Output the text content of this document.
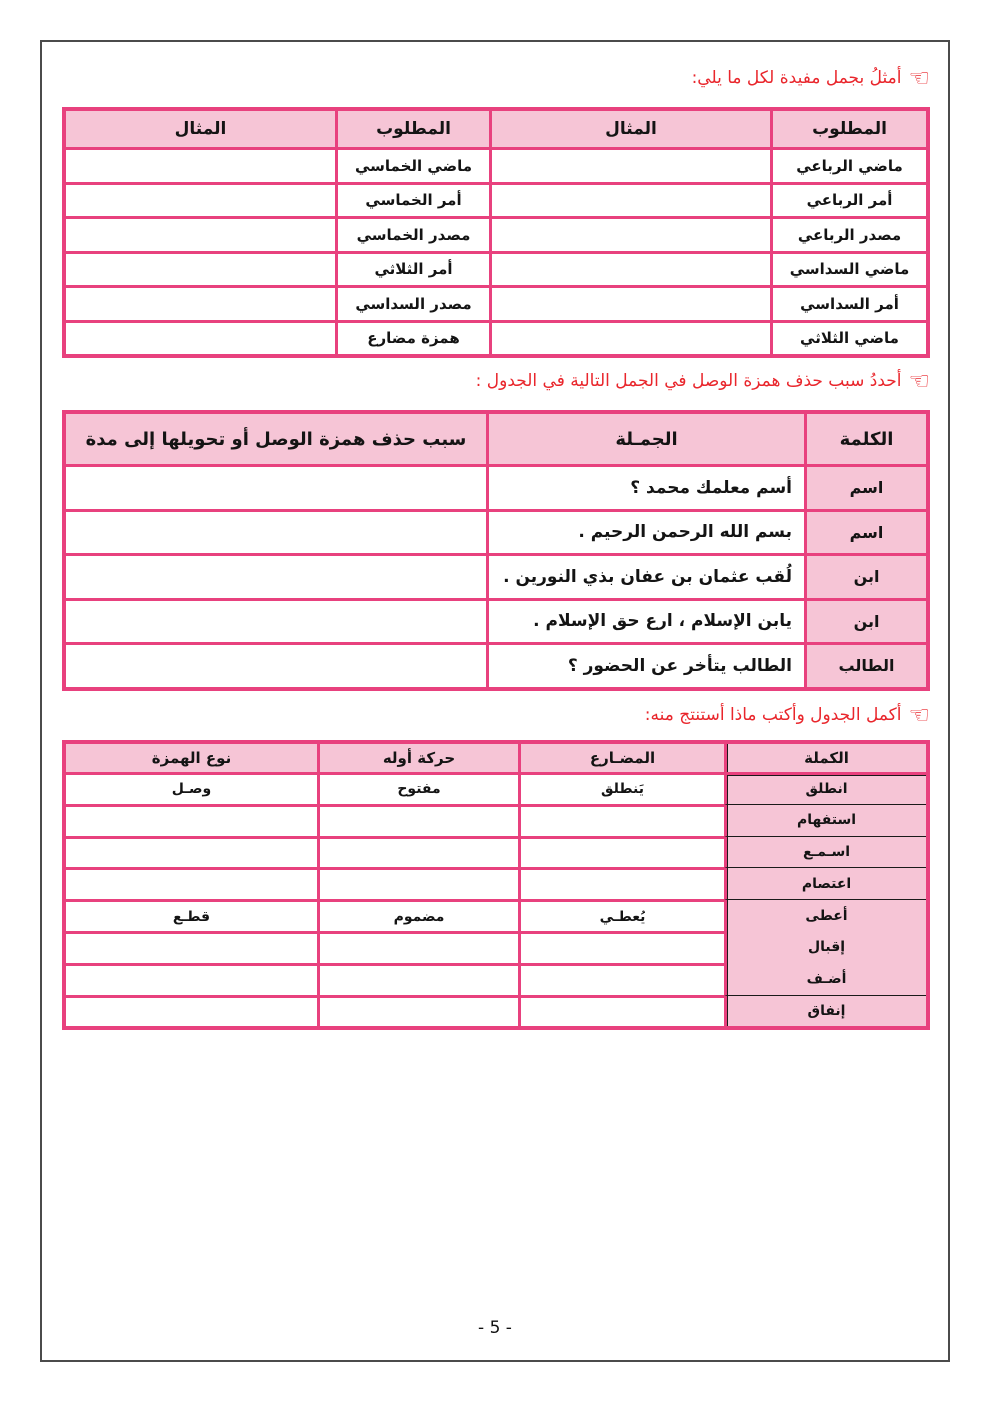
☜
أمثلُ بجمل مفيدة لكل ما يلي:
المطلوب
المثال
المطلوب
المثال
ماضي الرباعي
ماضي الخماسي
أمر الرباعي
أمر الخماسي
مصدر الرباعي
مصدر الخماسي
ماضي السداسي
أمر الثلاثي
أمر السداسي
مصدر السداسي
ماضي الثلاثي
همزة مضارع
☜
أحددُ سبب حذف همزة الوصل في الجمل التالية في الجدول :
الكلمة
الجمـلة
سبب حذف همزة الوصل أو تحويلها إلى مدة
اسم
أسم معلمك محمد ؟
اسم
بسم الله الرحمن الرحيم .
ابن
لُقب عثمان بن عفان بذي النورين .
ابن
يابن الإسلام ، ارع حق الإسلام .
الطالب
الطالب يتأخر عن الحضور ؟
☜
أكمل الجدول وأكتب ماذا أستنتج منه:
الكملة
المضـارع
حركة أوله
نوع الهمزة
انطلق
يَنطلق
مفتوح
وصـل
استفهام
اسـمـع
اعتصام
أعطى
يُعطـي
مضموم
قطـع
إقبال
أضـف
إنفاق
- 5 -
